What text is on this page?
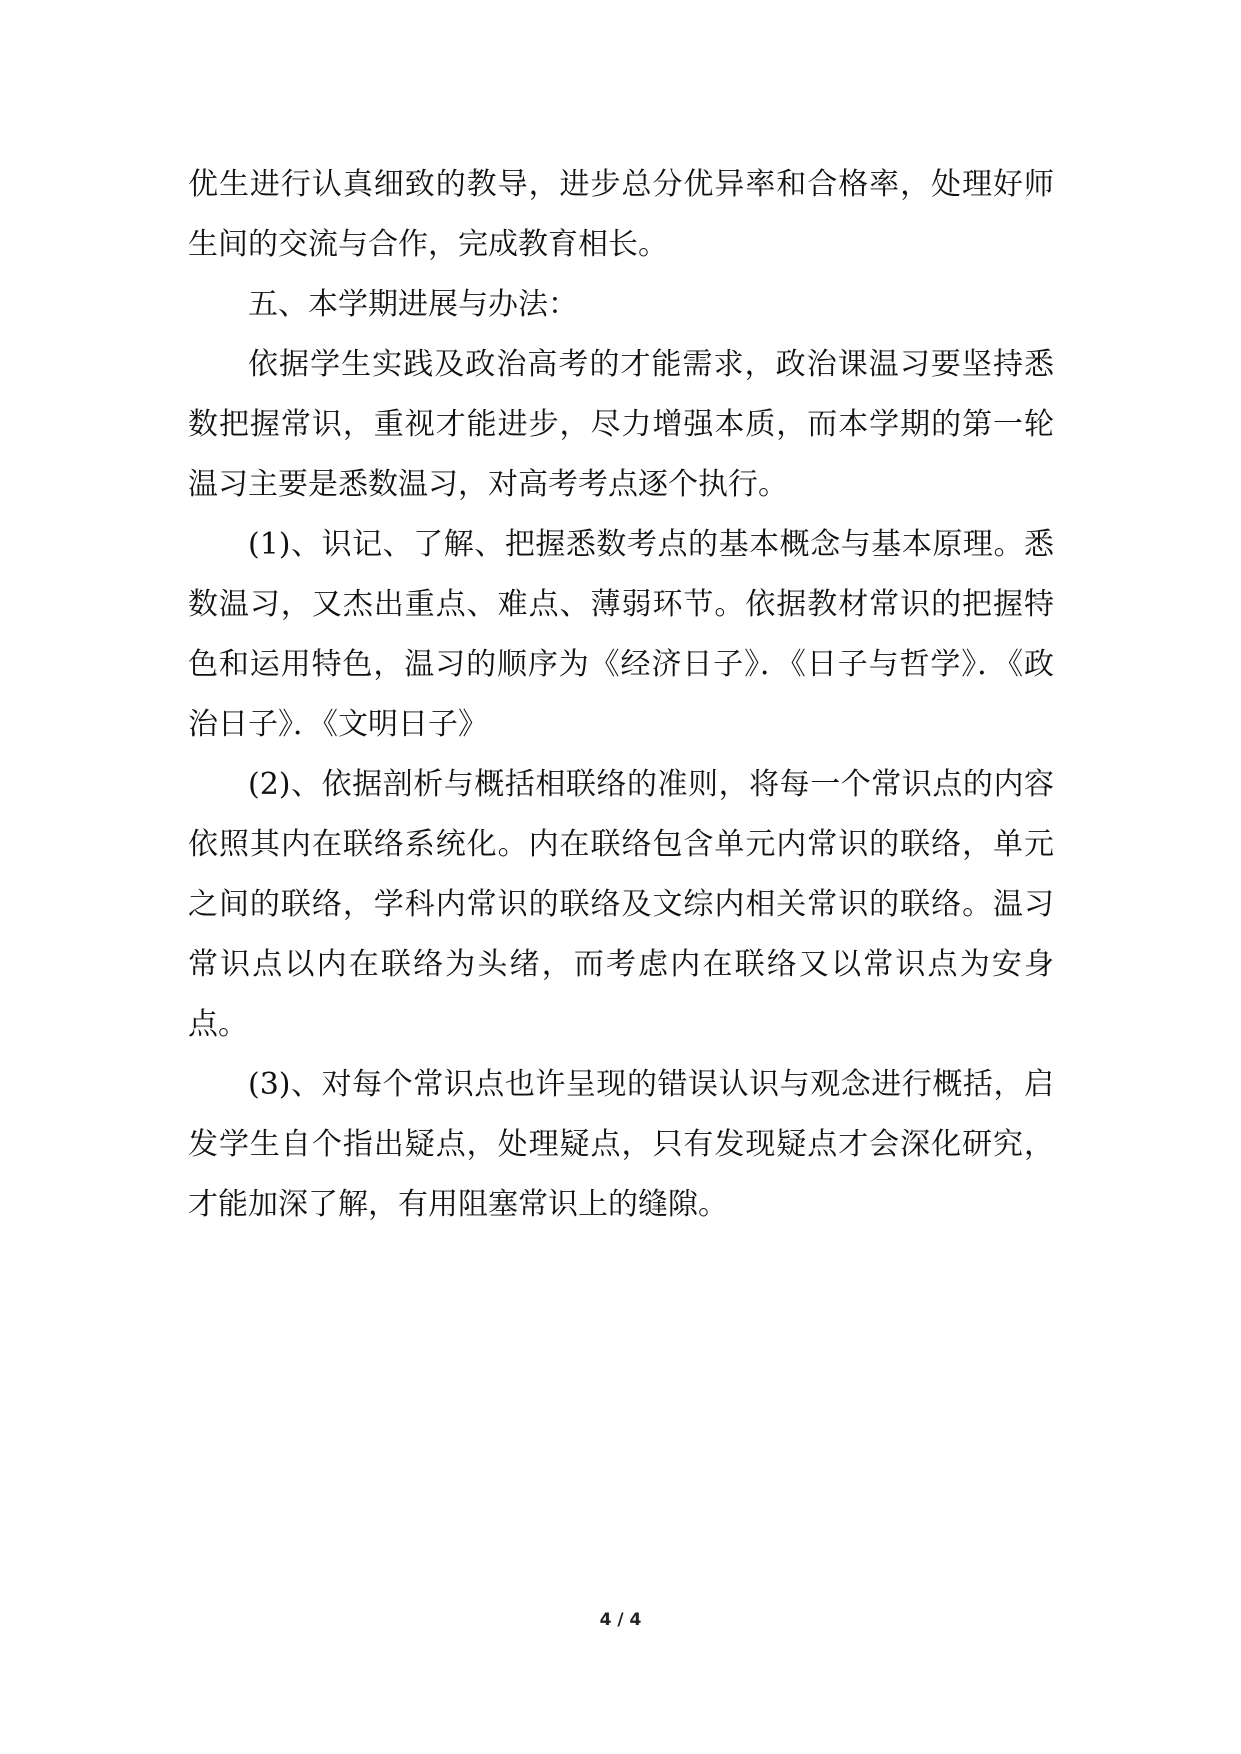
优生进行认真细致的教导，进步总分优异率和合格率，处理好师生间的交流与合作，完成教育相长。

五、本学期进展与办法：

依据学生实践及政治高考的才能需求，政治课温习要坚持悉数把握常识，重视才能进步，尽力增强本质，而本学期的第一轮温习主要是悉数温习，对高考考点逐个执行。

(1)、识记、了解、把握悉数考点的基本概念与基本原理。悉数温习，又杰出重点、难点、薄弱环节。依据教材常识的把握特色和运用特色，温习的顺序为《经济日子》．《日子与哲学》．《政治日子》．《文明日子》

(2)、依据剖析与概括相联络的准则，将每一个常识点的内容依照其内在联络系统化。内在联络包含单元内常识的联络，单元之间的联络，学科内常识的联络及文综内相关常识的联络。温习常识点以内在联络为头绪，而考虑内在联络又以常识点为安身点。

(3)、对每个常识点也许呈现的错误认识与观念进行概括，启发学生自个指出疑点，处理疑点，只有发现疑点才会深化研究，才能加深了解，有用阻塞常识上的缝隙。

4 / 4
